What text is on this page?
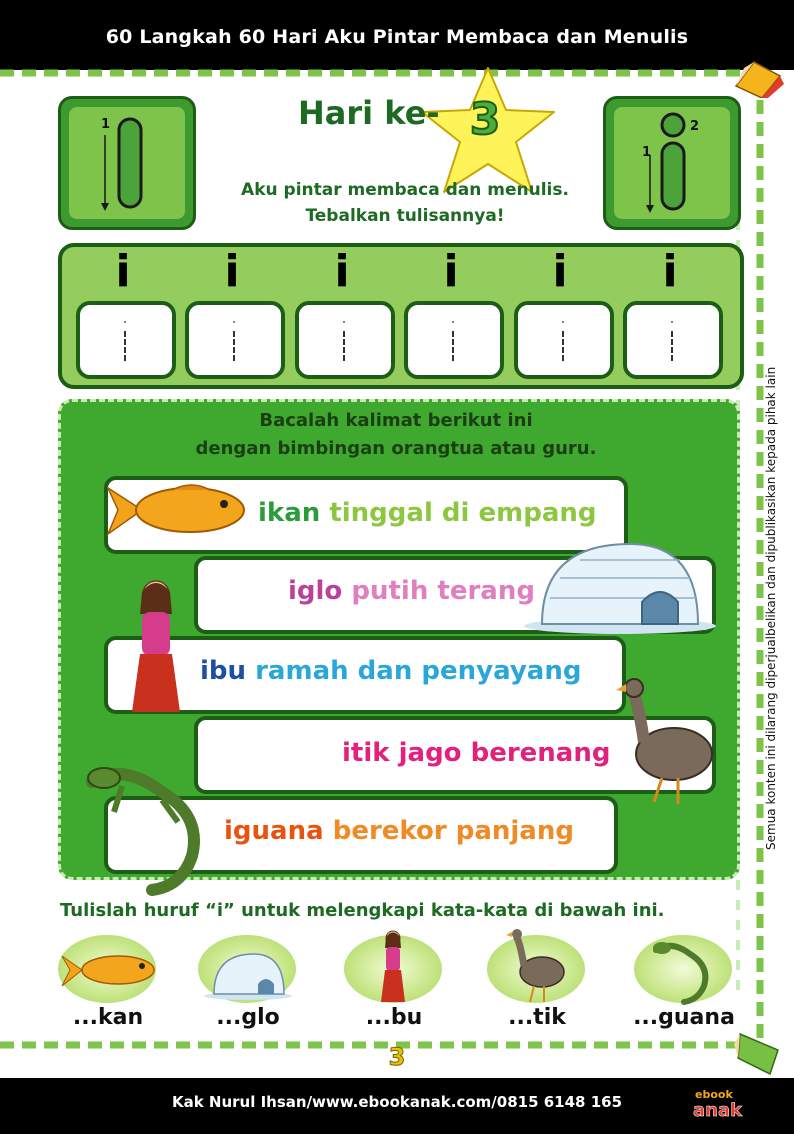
60 Langkah 60 Hari Aku Pintar Membaca dan Menulis
1
1
2
Hari ke- 3
Aku pintar membaca dan menulis.
Tebalkan tulisannya!
i i i i i i
Bacalah kalimat berikut ini
dengan bimbingan orangtua atau guru.
ikan tinggal di empang
iglo putih terang
ibu ramah dan penyayang
itik jago berenang
iguana berekor panjang
Tulislah huruf “i” untuk melengkapi kata-kata di bawah ini.
...kan	...glo	...bu	...tik	...guana
Semua konten ini dilarang diperjualbelikan dan dipublikasikan kepada pihak lain
3
Kak Nurul Ihsan/www.ebookanak.com/0815 6148 165	ebook
anak
